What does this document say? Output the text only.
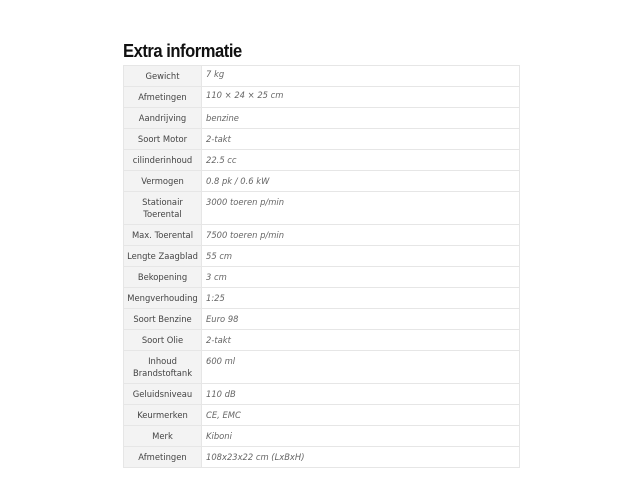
Extra informatie
Gewicht	7 kg
Afmetingen	110 × 24 × 25 cm
Aandrijving	benzine
Soort Motor	2-takt
cilinderinhoud	22.5 cc
Vermogen	0.8 pk / 0.6 kW
Stationair Toerental	3000 toeren p/min
Max. Toerental	7500 toeren p/min
Lengte Zaagblad	55 cm
Bekopening	3 cm
Mengverhouding	1:25
Soort Benzine	Euro 98
Soort Olie	2-takt
Inhoud Brandstoftank	600 ml
Geluidsniveau	110 dB
Keurmerken	CE, EMC
Merk	Kiboni
Afmetingen	108x23x22 cm (LxBxH)
